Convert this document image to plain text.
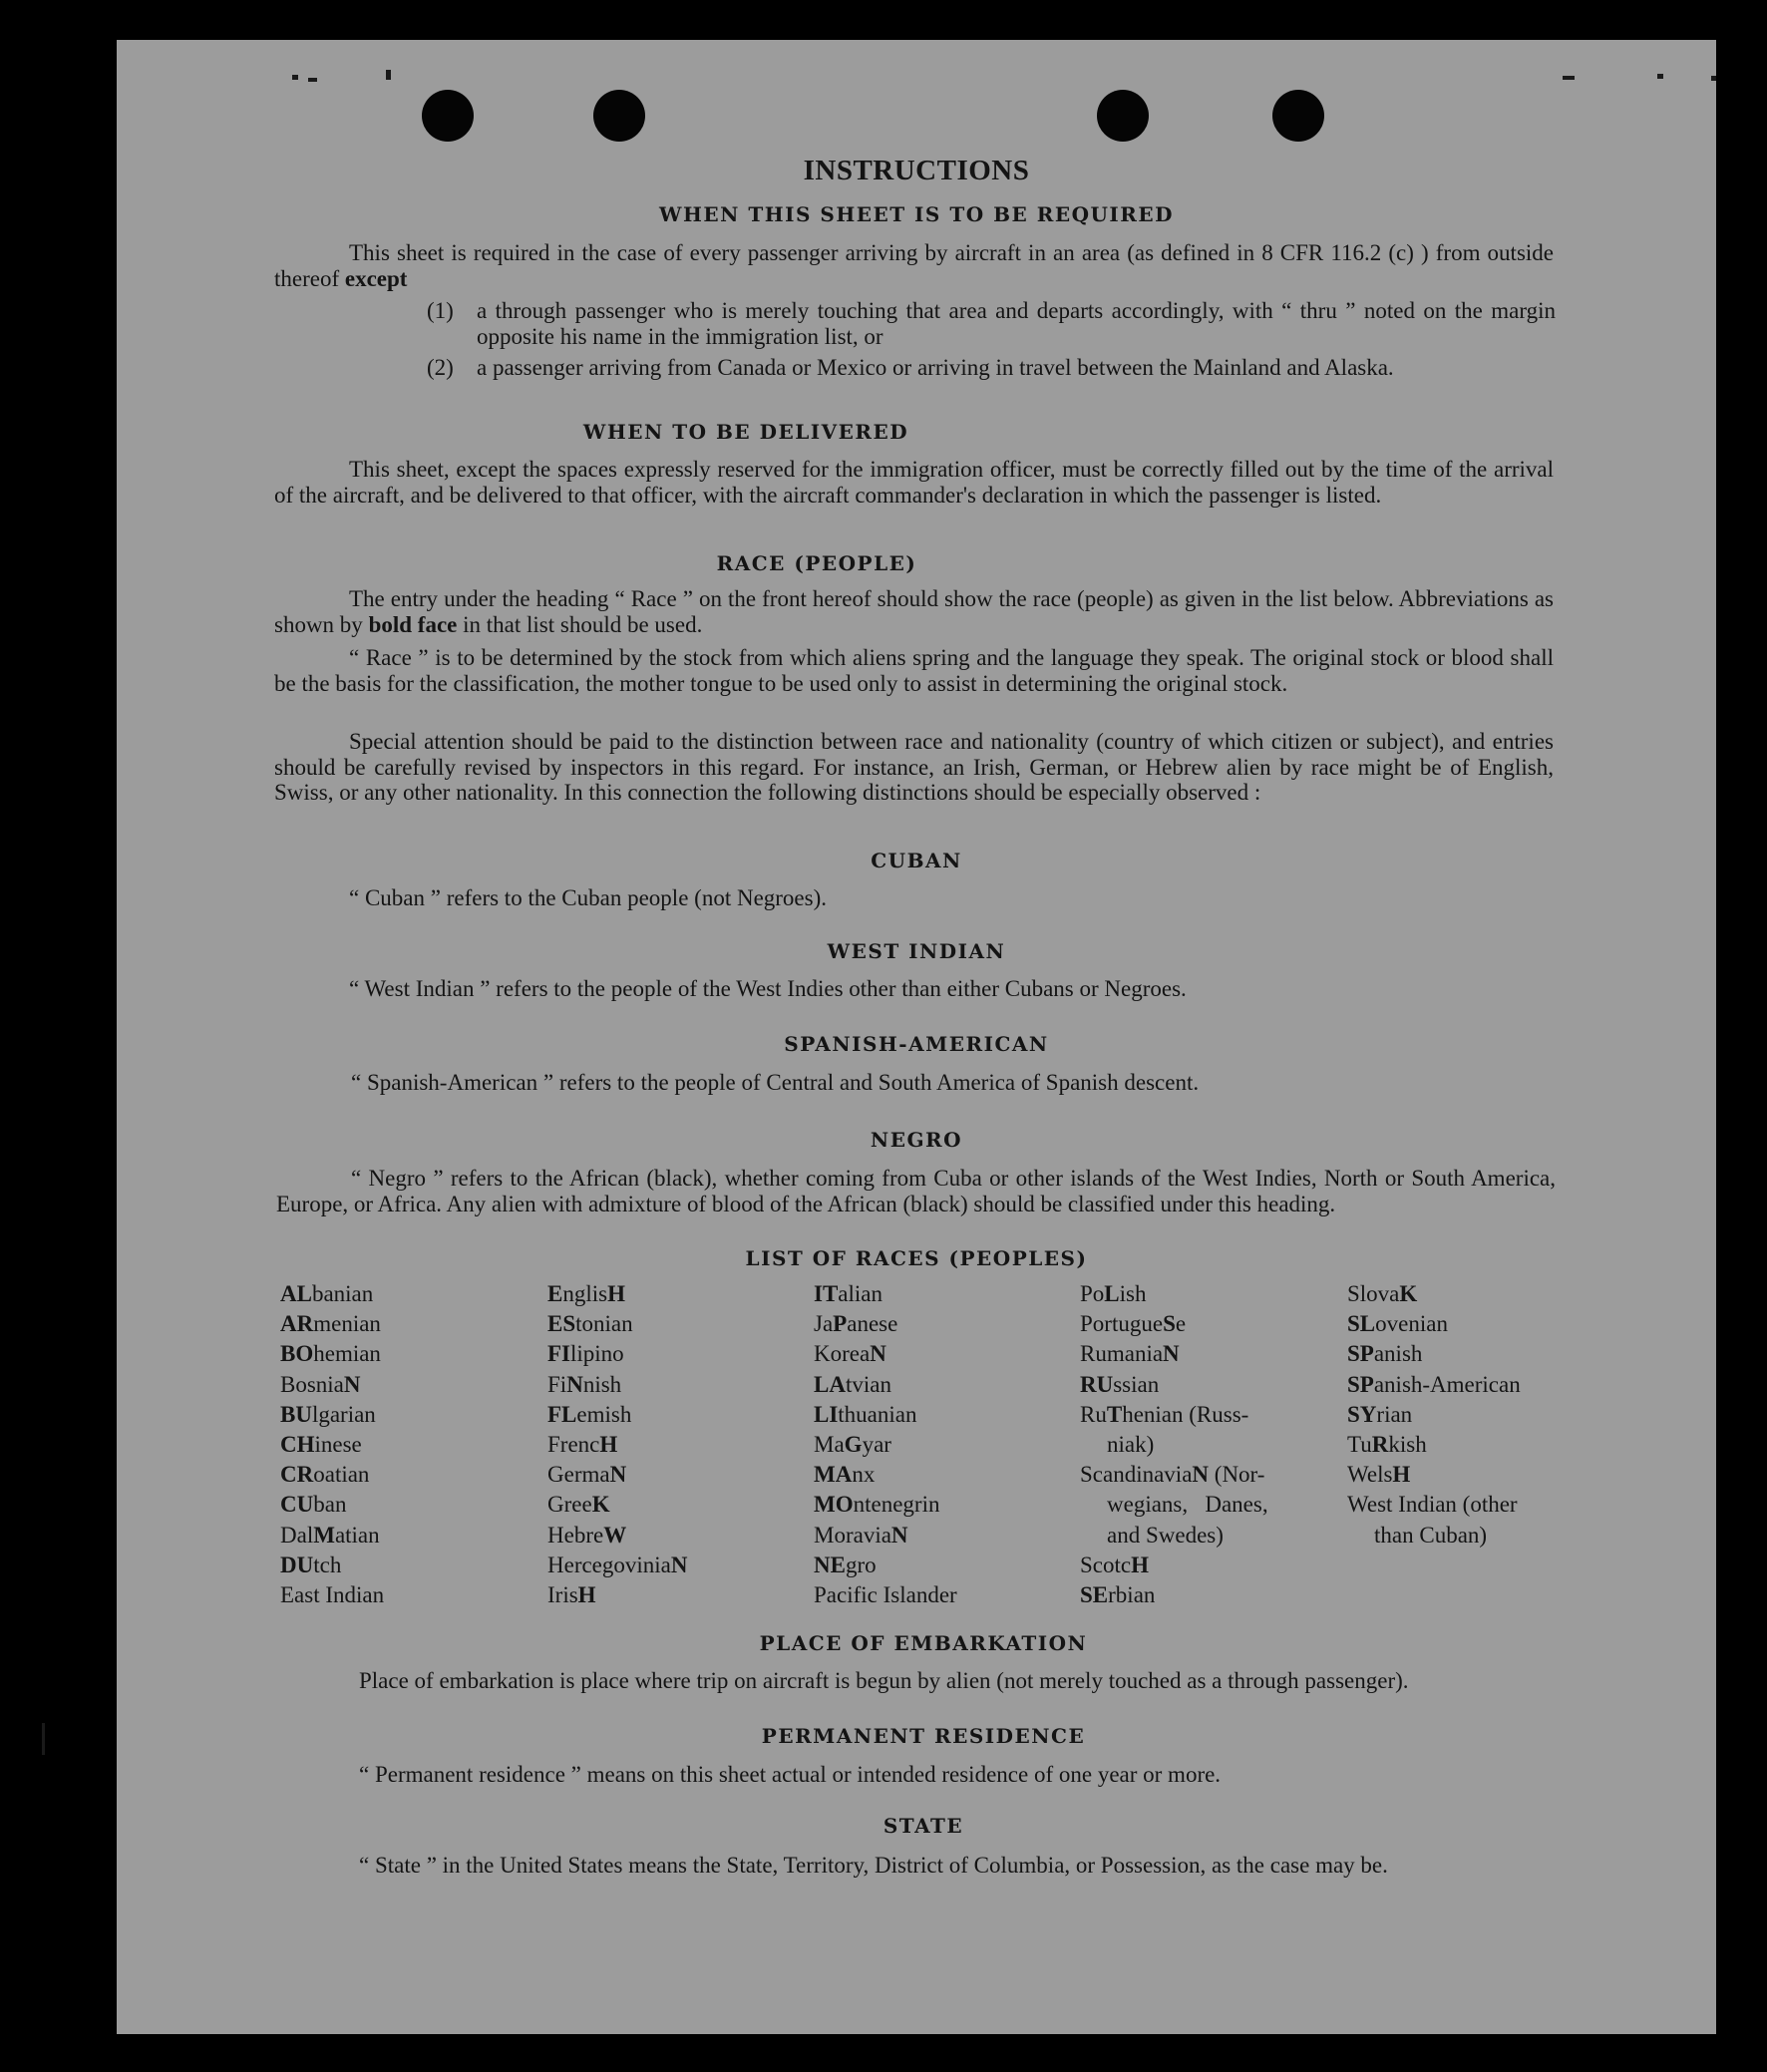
INSTRUCTIONS
WHEN THIS SHEET IS TO BE REQUIRED
This sheet is required in the case of every passenger arriving by aircraft in an area (as defined in 8 CFR 116.2 (c) ) from outside thereof except
(1) a through passenger who is merely touching that area and departs accordingly, with “ thru ” noted on the margin opposite his name in the immigration list, or
(2) a passenger arriving from Canada or Mexico or arriving in travel between the Mainland and Alaska.
WHEN TO BE DELIVERED
This sheet, except the spaces expressly reserved for the immigration officer, must be correctly filled out by the time of the arrival of the aircraft, and be delivered to that officer, with the aircraft commander's declaration in which the passenger is listed.
RACE (PEOPLE)
The entry under the heading “ Race ” on the front hereof should show the race (people) as given in the list below. Abbreviations as shown by bold face in that list should be used.
“ Race ” is to be determined by the stock from which aliens spring and the language they speak. The original stock or blood shall be the basis for the classification, the mother tongue to be used only to assist in determining the original stock.
Special attention should be paid to the distinction between race and nationality (country of which citizen or subject), and entries should be carefully revised by inspectors in this regard. For instance, an Irish, German, or Hebrew alien by race might be of English, Swiss, or any other nationality. In this connection the following distinctions should be especially observed :
CUBAN
“ Cuban ” refers to the Cuban people (not Negroes).
WEST INDIAN
“ West Indian ” refers to the people of the West Indies other than either Cubans or Negroes.
SPANISH-AMERICAN
“ Spanish-American ” refers to the people of Central and South America of Spanish descent.
NEGRO
“ Negro ” refers to the African (black), whether coming from Cuba or other islands of the West Indies, North or South America, Europe, or Africa. Any alien with admixture of blood of the African (black) should be classified under this heading.
LIST OF RACES (PEOPLES)
ALbanian
ARmenian
BOhemian
BosniaN
BUlgarian
CHinese
CRoatian
CUban
DalMatian
DUtch
East Indian
EnglisH
EStonian
FIlipino
FiNnish
FLemish
FrencH
GermaN
GreeK
HebreW
HercegoviniaN
IrisH
ITalian
JaPanese
KoreaN
LAtvian
LIthuanian
MaGyar
MAnx
MOntenegrin
MoraviaN
NEgro
Pacific Islander
PoLish
PortugueSe
RumaniaN
RUssian
RuThenian (Russ-
niak)
ScandinaviaN (Nor-
wegians,   Danes,
and Swedes)
ScotcH
SErbian
SlovaK
SLovenian
SPanish
SPanish-American
SYrian
TuRkish
WelsH
West Indian (other
than Cuban)
PLACE OF EMBARKATION
Place of embarkation is place where trip on aircraft is begun by alien (not merely touched as a through passenger).
PERMANENT RESIDENCE
“ Permanent residence ” means on this sheet actual or intended residence of one year or more.
STATE
“ State ” in the United States means the State, Territory, District of Columbia, or Possession, as the case may be.
